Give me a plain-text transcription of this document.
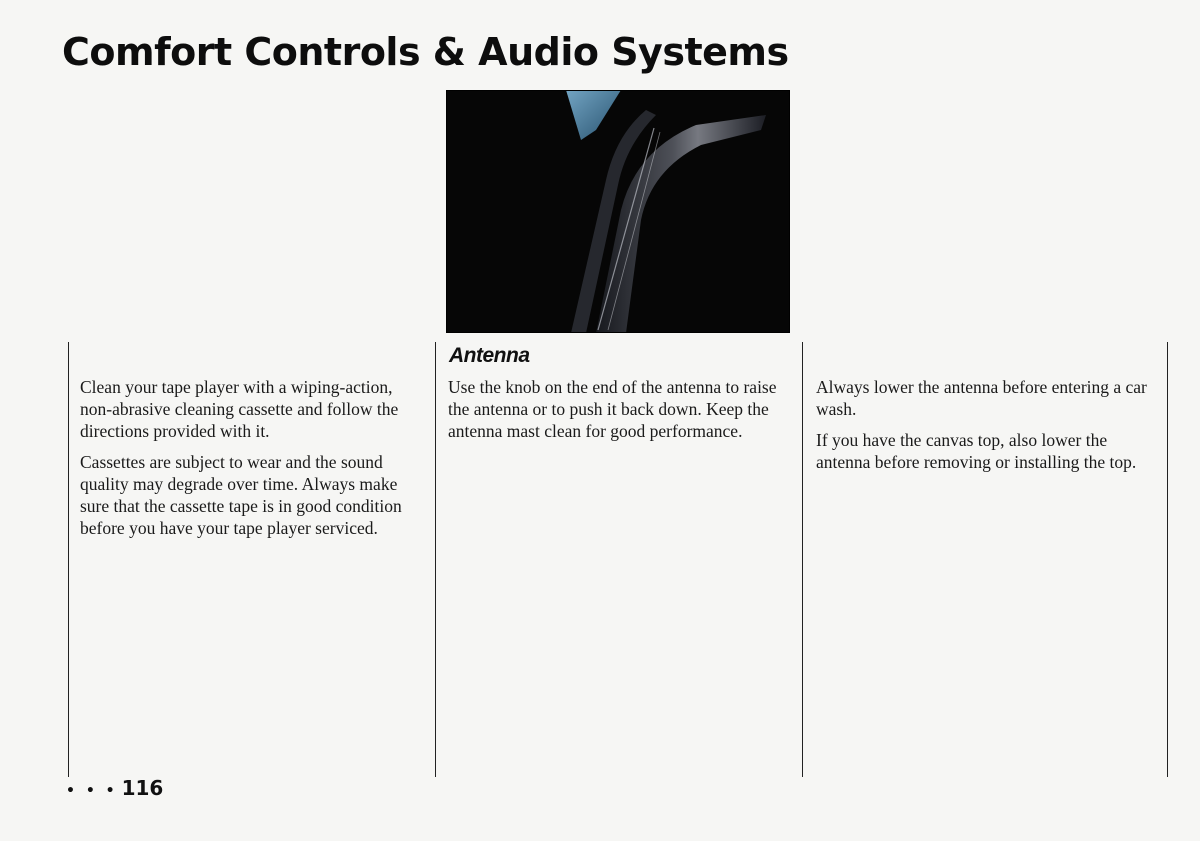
Comfort Controls & Audio Systems

Clean your tape player with a wiping-action, non-abrasive cleaning cassette and follow the directions provided with it.

Cassettes are subject to wear and the sound quality may degrade over time. Always make sure that the cassette tape is in good condition before you have your tape player serviced.

Antenna

Use the knob on the end of the antenna to raise the antenna or to push it back down. Keep the antenna mast clean for good performance.

Always lower the antenna before entering a car wash.

If you have the canvas top, also lower the antenna before removing or installing the top.

• • • 116
